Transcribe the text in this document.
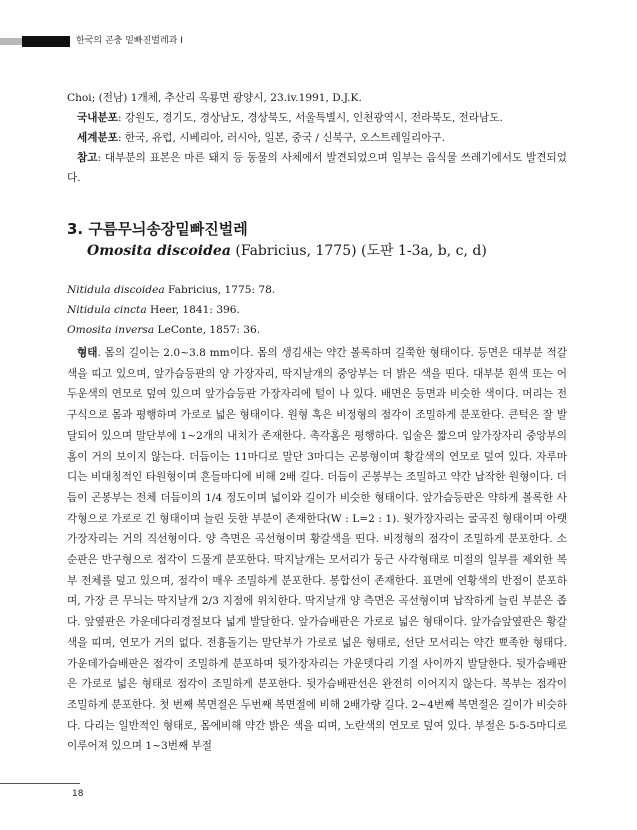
한국의 곤충 밑빠진벌레과 I
Choi; (전남) 1개체, 추산리 옥룡면 광양시, 23.iv.1991, D.J.K.
국내분포: 강원도, 경기도, 경상남도, 경상북도, 서울특별시, 인천광역시, 전라북도, 전라남도.
세계분포: 한국, 유럽, 시베리아, 러시아, 일본, 중국 / 신북구, 오스트레일리아구.
참고: 대부분의 표본은 마른 돼지 등 동물의 사체에서 발견되었으며 일부는 음식물 쓰레기에서도 발견되었다.
3. 구름무늬송장밑빠진벌레
Omosita discoidea (Fabricius, 1775) (도판 1-3a, b, c, d)
Nitidula discoidea Fabricius, 1775: 78.
Nitidula cincta Heer, 1841: 396.
Omosita inversa LeConte, 1857: 36.
형태. 몸의 길이는 2.0~3.8 mm이다. 몸의 생김새는 약간 볼록하며 길쭉한 형태이다. 등면은 대부분 적갈색을 띠고 있으며, 앞가슴등판의 양 가장자리, 딱지날개의 중앙부는 더 밝은 색을 띤다. 대부분 흰색 또는 어두운색의 연모로 덮여 있으며 앞가슴등판 가장자리에 털이 나 있다. 배면은 등면과 비슷한 색이다. 머리는 전구식으로 몸과 평행하며 가로로 넓은 형태이다. 원형 혹은 비정형의 점각이 조밀하게 분포한다. 큰턱은 잘 발달되어 있으며 말단부에 1~2개의 내치가 존재한다. 촉각홈은 평행하다. 입술은 짧으며 앞가장자리 중앙부의 홈이 거의 보이지 않는다. 더듬이는 11마디로 말단 3마디는 곤봉형이며 황갈색의 연모로 덮여 있다. 자루마디는 비대칭적인 타원형이며 흔들마디에 비해 2배 길다. 더듬이 곤봉부는 조밀하고 약간 납작한 원형이다. 더듬이 곤봉부는 전체 더듬이의 1/4 정도이며 넓이와 길이가 비슷한 형태이다. 앞가슴등판은 약하게 볼록한 사각형으로 가로로 긴 형태이며 늘린 듯한 부분이 존재한다(W : L=2 : 1). 윗가장자리는 굴곡진 형태이며 아랫 가장자리는 거의 직선형이다. 양 측면은 곡선형이며 황갈색을 띤다. 비정형의 점각이 조밀하게 분포한다. 소순판은 반구형으로 점각이 드물게 분포한다. 딱지날개는 모서리가 둥근 사각형태로 미절의 일부를 제외한 복부 전체를 덮고 있으며, 점각이 매우 조밀하게 분포한다. 봉합선이 존재한다. 표면에 연황색의 반점이 분포하며, 가장 큰 무늬는 딱지날개 2/3 지점에 위치한다. 딱지날개 양 측면은 곡선형이며 납작하게 늘린 부분은 좁다. 앞옆판은 가운데다리경절보다 넓게 발달한다. 앞가슴배판은 가로로 넓은 형태이다. 앞가슴앞옆판은 황갈색을 띠며, 연모가 거의 없다. 전흉돌기는 말단부가 가로로 넓은 형태로, 선단 모서리는 약간 뾰족한 형태다. 가운데가슴배판은 점각이 조밀하게 분포하며 뒷가장자리는 가운뎃다리 기절 사이까지 발달한다. 뒷가슴배판은 가로로 넓은 형태로 점각이 조밀하게 분포한다. 뒷가슴배판선은 완전히 이어지지 않는다. 복부는 점각이 조밀하게 분포한다. 첫 번째 복면절은 두번째 복면절에 비해 2배가량 길다. 2~4번째 복면절은 길이가 비슷하다. 다리는 일반적인 형태로, 몸에비해 약간 밝은 색을 띠며, 노란색의 연모로 덮여 있다. 부절은 5-5-5마디로 이루어져 있으며 1~3번째 부절
18
